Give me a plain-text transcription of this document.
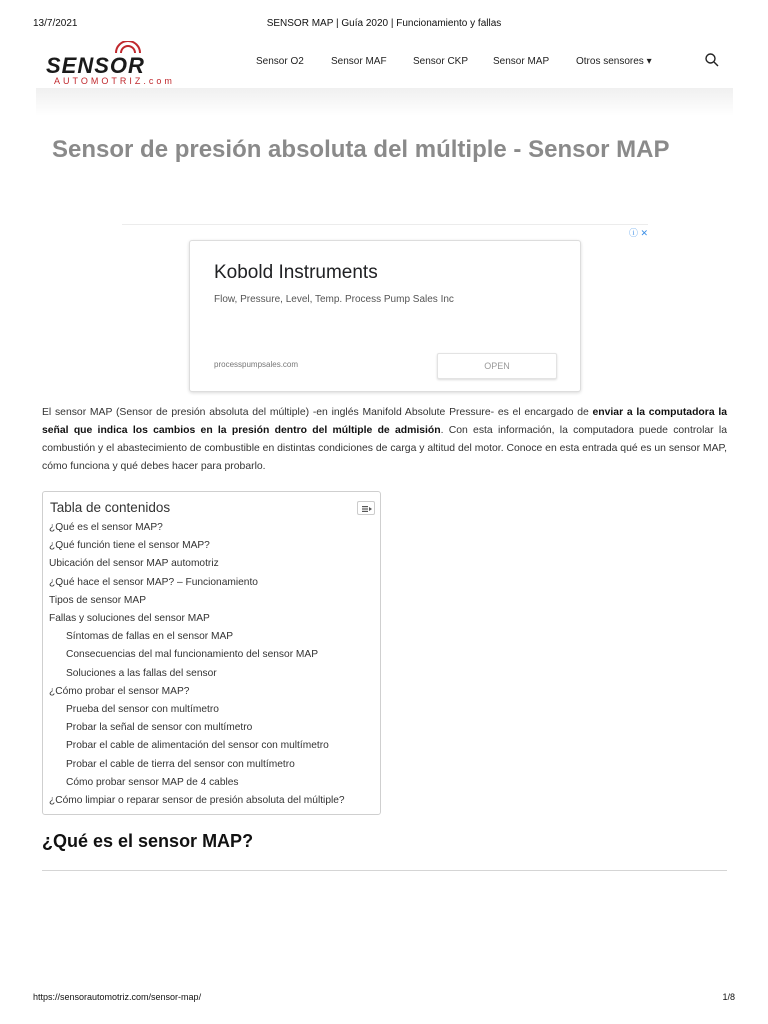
13/7/2021	SENSOR MAP | Guía 2020 | Funcionamiento y fallas
SENSOR
AUTOMOTRIZ.com
Sensor O2	Sensor MAF	Sensor CKP Sensor MAP	Otros sensores ▾
Sensor de presión absoluta del múltiple - Sensor MAP
ⓘ ✕
Kobold Instruments
Flow, Pressure, Level, Temp. Process Pump Sales Inc
processpumpsales.com	OPEN

El sensor MAP (Sensor de presión absoluta del múltiple) -en inglés Manifold Absolute Pressure- es el encargado de enviar a la computadora la señal que indica los cambios en la presión dentro del múltiple de admisión. Con esta información, la computadora puede controlar la combustión y el abastecimiento de combustible en distintas condiciones de carga y altitud del motor. Conoce en esta entrada qué es un sensor MAP, cómo funciona y qué debes hacer para probarlo.

Tabla de contenidos
¿Qué es el sensor MAP?
¿Qué función tiene el sensor MAP?
Ubicación del sensor MAP automotriz
¿Qué hace el sensor MAP? – Funcionamiento
Tipos de sensor MAP
Fallas y soluciones del sensor MAP
Síntomas de fallas en el sensor MAP
Consecuencias del mal funcionamiento del sensor MAP
Soluciones a las fallas del sensor
¿Cómo probar el sensor MAP?
Prueba del sensor con multímetro
Probar la señal de sensor con multímetro
Probar el cable de alimentación del sensor con multímetro
Probar el cable de tierra del sensor con multímetro
Cómo probar sensor MAP de 4 cables
¿Cómo limpiar o reparar sensor de presión absoluta del múltiple?
¿Qué es el sensor MAP?
https://sensorautomotriz.com/sensor-map/	1/8
